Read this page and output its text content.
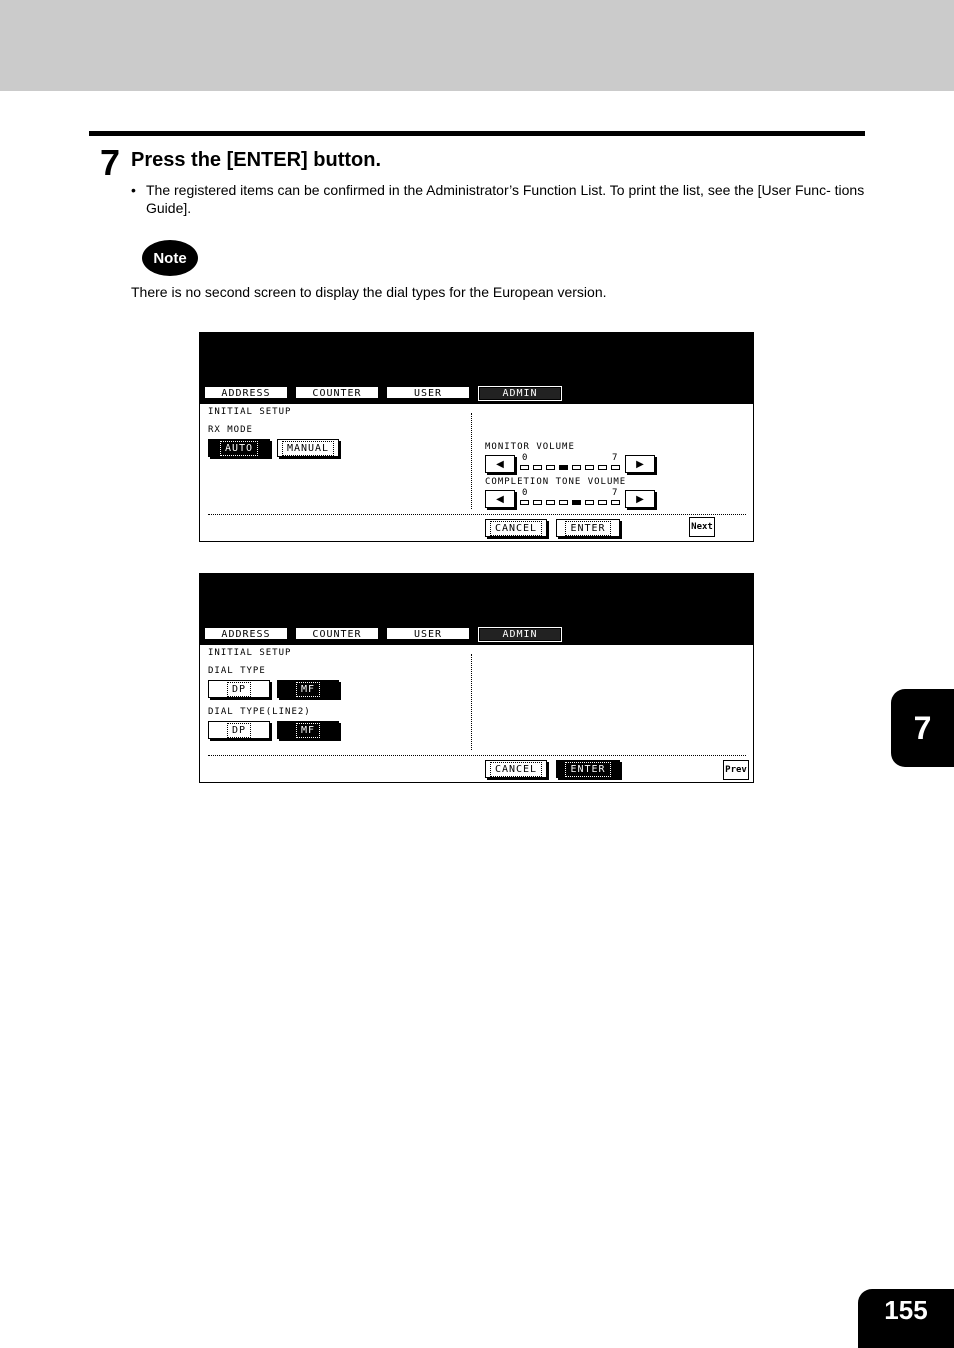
7 Press the [ENTER] button.
• The registered items can be confirmed in the Administrator’s Function List. To print the list, see the [User Func- tions Guide].
Note
There is no second screen to display the dial types for the European version.
ADDRESS	COUNTER	USER	ADMIN
INITIAL SETUP
RX MODE
AUTO	MANUAL	MONITOR VOLUME
◀
0	7
▶
COMPLETION TONE VOLUME
◀
0	7
▶
CANCEL	ENTER	Next
ADDRESS	COUNTER	USER	ADMIN
INITIAL SETUP
DIAL TYPE
DP	MF
DIAL TYPE(LINE2)
DP	MF
CANCEL	ENTER	Prev
7
155
